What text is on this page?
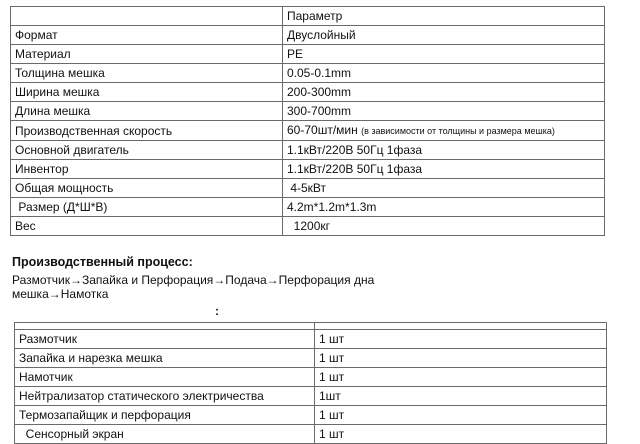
	Параметр
Формат	Двуслойный
Материал	PE
Толщина мешка	0.05-0.1mm
Ширина мешка	200-300mm
Длина мешка	300-700mm
Производственная скорость	60-70шт/мин (в зависимости от толщины и размера мешка)
Основной двигатель	1.1кВт/220В 50Гц 1фаза
Инвентор	1.1кВт/220В 50Гц 1фаза
Общая мощность	4-5кВт
Размер (Д*Ш*В)	4.2m*1.2m*1.3m
Вес	1200кг
Производственный процесс:
Размотчик→Запайка и Перфорация→Подача→Перфорация дна
мешка→Намотка
:

Размотчик	1 шт
Запайка и нарезка мешка	1 шт
Намотчик	1 шт
Нейтрализатор статического электричества	1шт
Термозапайщик и перфорация	1 шт
Сенсорный экран	1 шт
